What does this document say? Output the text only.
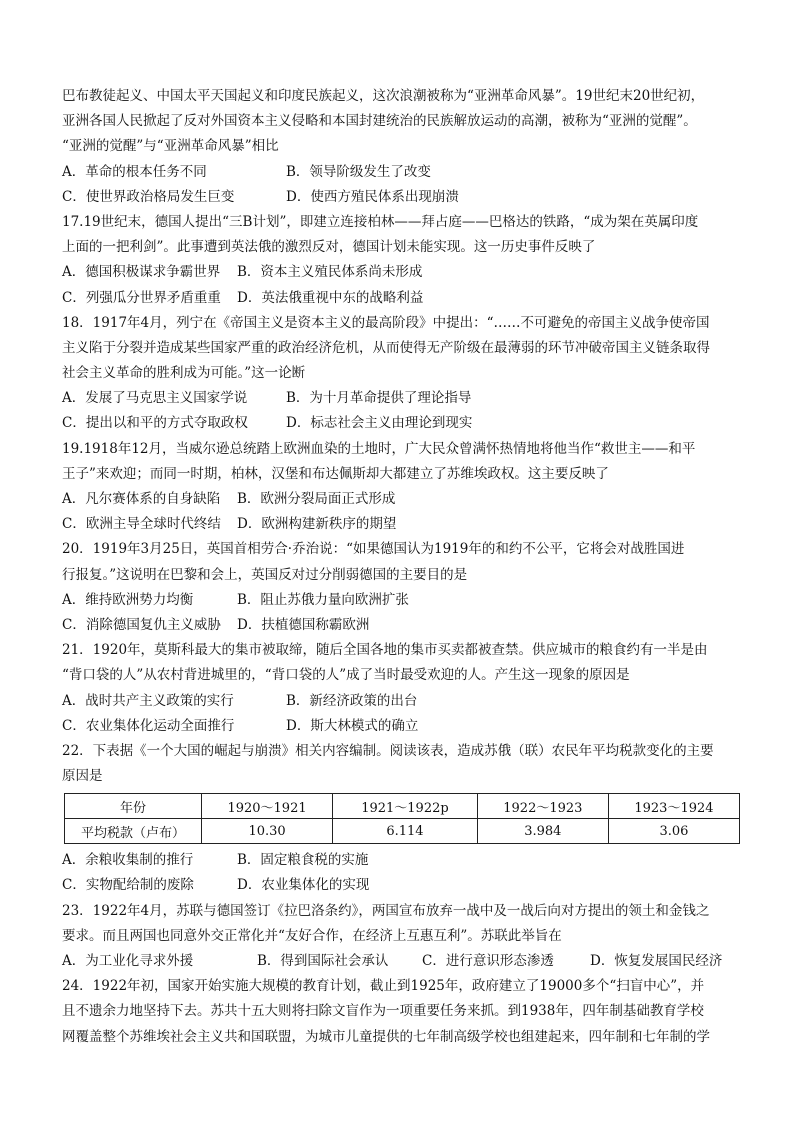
巴布教徒起义、中国太平天国起义和印度民族起义，这次浪潮被称为“亚洲革命风暴”。19世纪末20世纪初，
亚洲各国人民掀起了反对外国资本主义侵略和本国封建统治的民族解放运动的高潮，被称为“亚洲的觉醒”。
“亚洲的觉醒”与“亚洲革命风暴”相比
A．革命的根本任务不同	B．领导阶级发生了改变
C．使世界政治格局发生巨变	D．使西方殖民体系出现崩溃
17.19世纪末，德国人提出“三B计划”，即建立连接柏林——拜占庭——巴格达的铁路，“成为架在英属印度
上面的一把利剑”。此事遭到英法俄的激烈反对，德国计划未能实现。这一历史事件反映了
A．德国积极谋求争霸世界	B．资本主义殖民体系尚未形成
C．列强瓜分世界矛盾重重	D．英法俄重视中东的战略利益
18．1917年4月，列宁在《帝国主义是资本主义的最高阶段》中提出：“……不可避免的帝国主义战争使帝国
主义陷于分裂并造成某些国家严重的政治经济危机，从而使得无产阶级在最薄弱的环节冲破帝国主义链条取得
社会主义革命的胜利成为可能。”这一论断
A．发展了马克思主义国家学说	B．为十月革命提供了理论指导
C．提出以和平的方式夺取政权	D．标志社会主义由理论到现实
19.1918年12月，当威尔逊总统踏上欧洲血染的土地时，广大民众曾满怀热情地将他当作“救世主——和平
王子”来欢迎；而同一时期，柏林，汉堡和布达佩斯却大都建立了苏维埃政权。这主要反映了
A．凡尔赛体系的自身缺陷	B．欧洲分裂局面正式形成
C．欧洲主导全球时代终结	D．欧洲构建新秩序的期望
20．1919年3月25日，英国首相劳合·乔治说：“如果德国认为1919年的和约不公平，它将会对战胜国进
行报复。”这说明在巴黎和会上，英国反对过分削弱德国的主要目的是
A．维持欧洲势力均衡	B．阻止苏俄力量向欧洲扩张
C．消除德国复仇主义威胁	D．扶植德国称霸欧洲
21．1920年，莫斯科最大的集市被取缔，随后全国各地的集市买卖都被查禁。供应城市的粮食约有一半是由
“背口袋的人”从农村背进城里的，“背口袋的人”成了当时最受欢迎的人。产生这一现象的原因是
A．战时共产主义政策的实行	B．新经济政策的出台
C．农业集体化运动全面推行	D．斯大林模式的确立
22．下表据《一个大国的崛起与崩溃》相关内容编制。阅读该表，造成苏俄（联）农民年平均税款变化的主要
原因是
年份	1920～1921	1921～1922p	1922～1923	1923～1924
平均税款（卢布）	10.30	6.114	3.984	3.06
A．余粮收集制的推行	B．固定粮食税的实施
C．实物配给制的废除	D．农业集体化的实现
23．1922年4月，苏联与德国签订《拉巴洛条约》，两国宣布放弃一战中及一战后向对方提出的领土和金钱之
要求。而且两国也同意外交正常化并“友好合作，在经济上互惠互利”。苏联此举旨在
A．为工业化寻求外援	B．得到国际社会承认	C．进行意识形态渗透	D．恢复发展国民经济
24．1922年初，国家开始实施大规模的教育计划，截止到1925年，政府建立了19000多个“扫盲中心”，并
且不遗余力地坚持下去。苏共十五大则将扫除文盲作为一项重要任务来抓。到1938年，四年制基础教育学校
网覆盖整个苏维埃社会主义共和国联盟，为城市儿童提供的七年制高级学校也组建起来，四年制和七年制的学
